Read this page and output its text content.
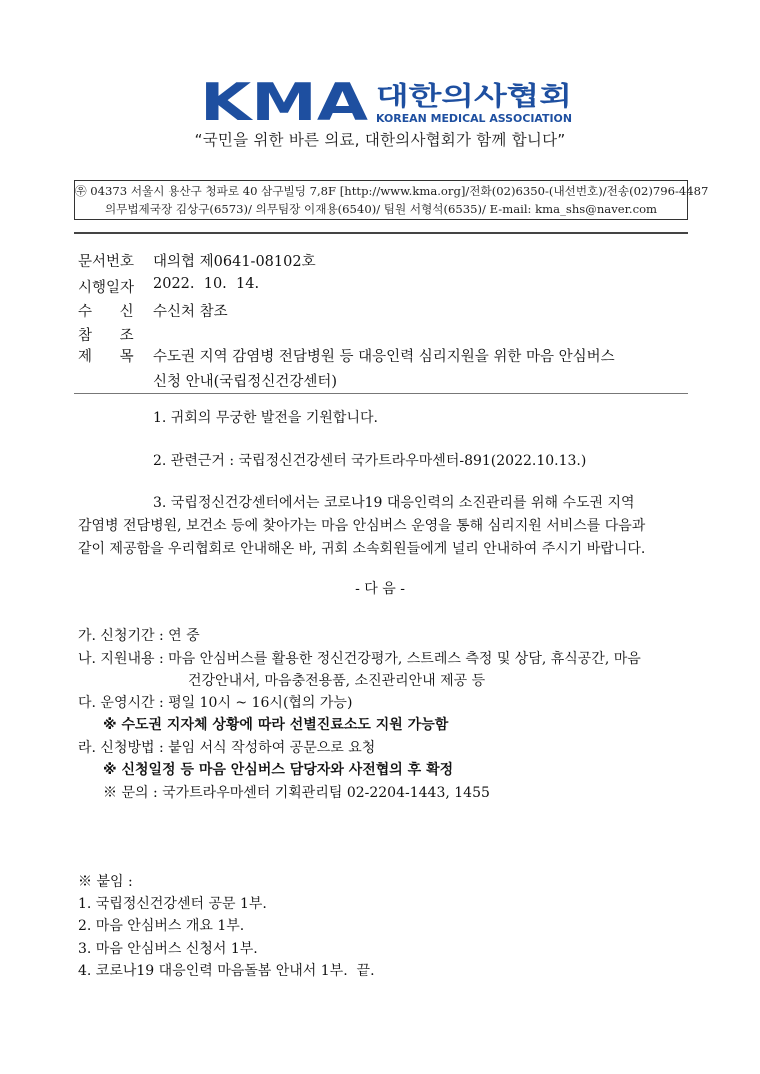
KMA 대한의사협회
KOREAN MEDICAL ASSOCIATION
“국민을 위한 바른 의료, 대한의사협회가 함께 합니다”
㉾ 04373 서울시 용산구 청파로 40 삼구빌딩 7,8F [http://www.kma.org]/전화(02)6350-(내선번호)/전송(02)796-4487
의무법제국장 김상구(6573)/ 의무팀장 이재용(6540)/ 팀원 서형석(6535)/ E-mail: kma_shs@naver.com
문서번호 대의협 제0641-08102호
시행일자 2022.  10.  14.
수      신 수신처 참조
참      조
제      목 수도권 지역 감염병 전담병원 등 대응인력 심리지원을 위한 마음 안심버스
신청 안내(국립정신건강센터)
1. 귀회의 무궁한 발전을 기원합니다.
2. 관련근거 : 국립정신건강센터 국가트라우마센터-891(2022.10.13.)
3. 국립정신건강센터에서는 코로나19 대응인력의 소진관리를 위해 수도권 지역
감염병 전담병원, 보건소 등에 찾아가는 마음 안심버스 운영을 통해 심리지원 서비스를 다음과
같이 제공함을 우리협회로 안내해온 바, 귀회 소속회원들에게 널리 안내하여 주시기 바랍니다.
- 다 음 -
가. 신청기간 : 연 중
나. 지원내용 : 마음 안심버스를 활용한 정신건강평가, 스트레스 측정 및 상담, 휴식공간, 마음
건강안내서, 마음충전용품, 소진관리안내 제공 등
다. 운영시간 : 평일 10시 ~ 16시(협의 가능)
※ 수도권 지자체 상황에 따라 선별진료소도 지원 가능함
라. 신청방법 : 붙임 서식 작성하여 공문으로 요청
※ 신청일정 등 마음 안심버스 담당자와 사전협의 후 확정
※ 문의 : 국가트라우마센터 기획관리팀 02-2204-1443, 1455
※ 붙임 :
1. 국립정신건강센터 공문 1부.
2. 마음 안심버스 개요 1부.
3. 마음 안심버스 신청서 1부.
4. 코로나19 대응인력 마음돌봄 안내서 1부.  끝.
